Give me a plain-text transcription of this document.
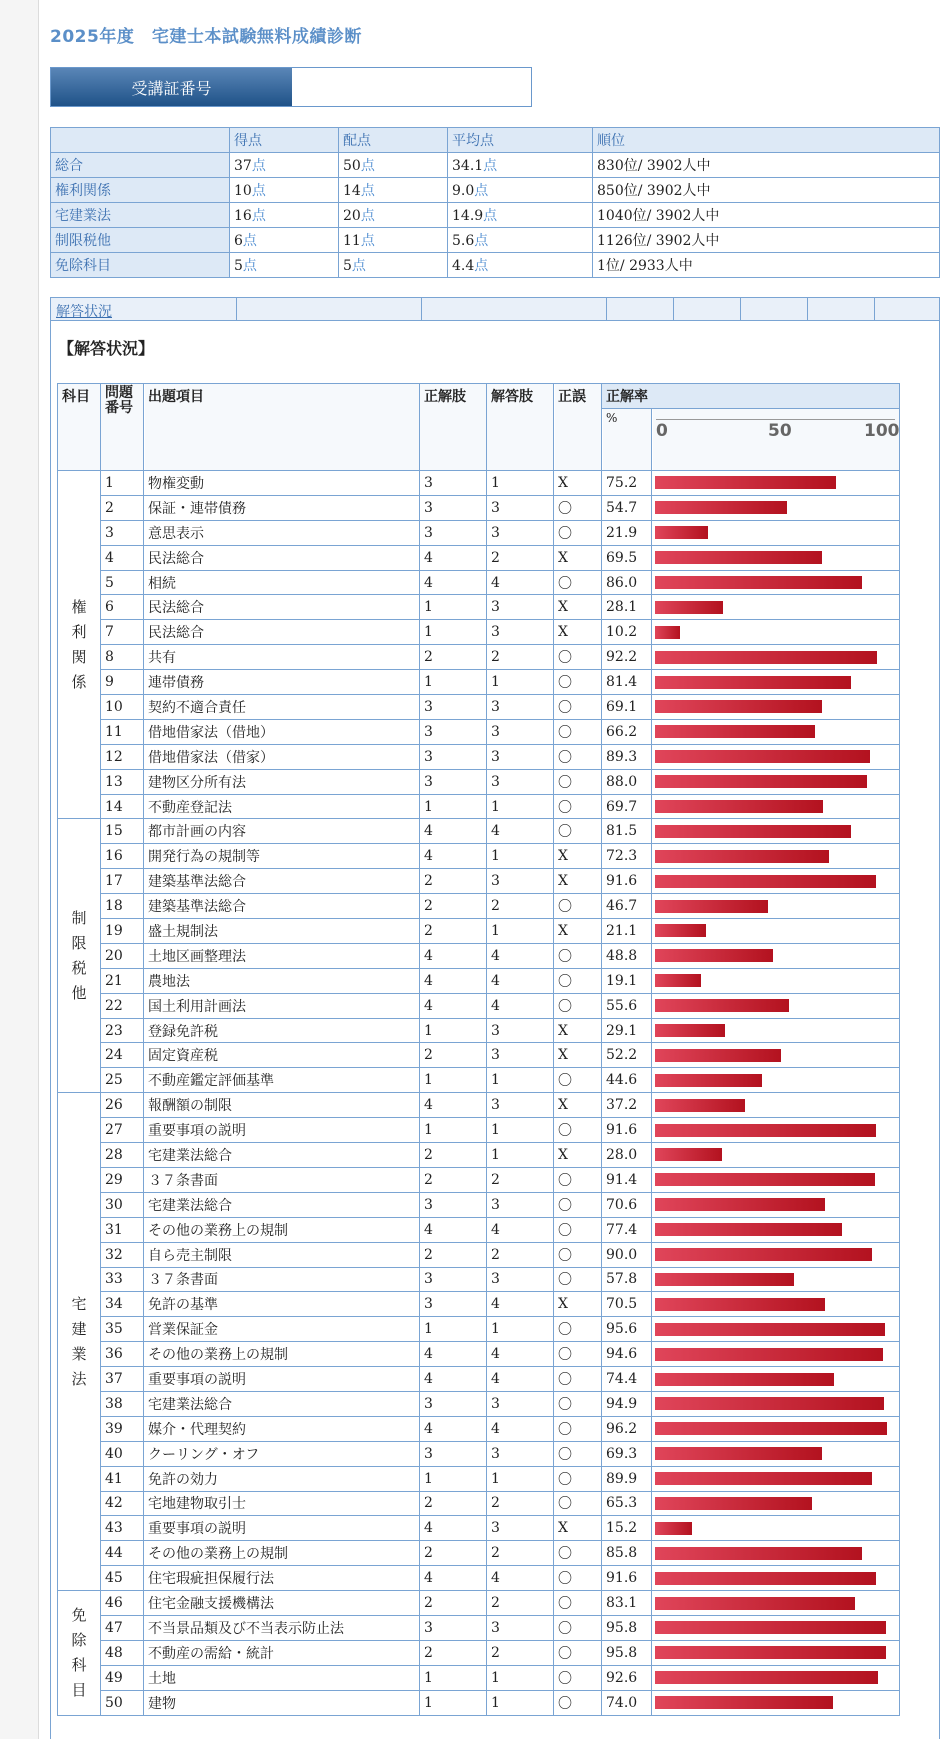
2025年度　宅建士本試験無料成績診断
受講証番号
	得点	配点	平均点	順位
総合	37点	50点	34.1点	830位/ 3902人中
権利関係	10点	14点	9.0点	850位/ 3902人中
宅建業法	16点	20点	14.9点	1040位/ 3902人中
制限税他	6点	11点	5.6点	1126位/ 3902人中
免除科目	5点	5点	4.4点	1位/ 2933人中
解答状況
【解答状況】
科目	問題番号	出題項目	正解肢	解答肢	正誤	正解率	
						%	0 50 100

権利関係	1	物権変動	3	1	X	75.2	

	2	保証・連帯債務	3	3	〇	54.7	

	3	意思表示	3	3	〇	21.9	

	4	民法総合	4	2	X	69.5	

	5	相続	4	4	〇	86.0	

	6	民法総合	1	3	X	28.1	

	7	民法総合	1	3	X	10.2	

	8	共有	2	2	〇	92.2	

	9	連帯債務	1	1	〇	81.4	

	10	契約不適合責任	3	3	〇	69.1	

	11	借地借家法（借地）	3	3	〇	66.2	

	12	借地借家法（借家）	3	3	〇	89.3	

	13	建物区分所有法	3	3	〇	88.0	

	14	不動産登記法	1	1	〇	69.7	

制限税他	15	都市計画の内容	4	4	〇	81.5	

	16	開発行為の規制等	4	1	X	72.3	

	17	建築基準法総合	2	3	X	91.6	

	18	建築基準法総合	2	2	〇	46.7	

	19	盛土規制法	2	1	X	21.1	

	20	土地区画整理法	4	4	〇	48.8	

	21	農地法	4	4	〇	19.1	

	22	国土利用計画法	4	4	〇	55.6	

	23	登録免許税	1	3	X	29.1	

	24	固定資産税	2	3	X	52.2	

	25	不動産鑑定評価基準	1	1	〇	44.6	

宅建業法	26	報酬額の制限	4	3	X	37.2	

	27	重要事項の説明	1	1	〇	91.6	

	28	宅建業法総合	2	1	X	28.0	

	29	３７条書面	2	2	〇	91.4	

	30	宅建業法総合	3	3	〇	70.6	

	31	その他の業務上の規制	4	4	〇	77.4	

	32	自ら売主制限	2	2	〇	90.0	

	33	３７条書面	3	3	〇	57.8	

	34	免許の基準	3	4	X	70.5	

	35	営業保証金	1	1	〇	95.6	

	36	その他の業務上の規制	4	4	〇	94.6	

	37	重要事項の説明	4	4	〇	74.4	

	38	宅建業法総合	3	3	〇	94.9	

	39	媒介・代理契約	4	4	〇	96.2	

	40	クーリング・オフ	3	3	〇	69.3	

	41	免許の効力	1	1	〇	89.9	

	42	宅地建物取引士	2	2	〇	65.3	

	43	重要事項の説明	4	3	X	15.2	

	44	その他の業務上の規制	2	2	〇	85.8	

	45	住宅瑕疵担保履行法	4	4	〇	91.6	

免除科目	46	住宅金融支援機構法	2	2	〇	83.1	

	47	不当景品類及び不当表示防止法	3	3	〇	95.8	

	48	不動産の需給・統計	2	2	〇	95.8	

	49	土地	1	1	〇	92.6	

	50	建物	1	1	〇	74.0	
